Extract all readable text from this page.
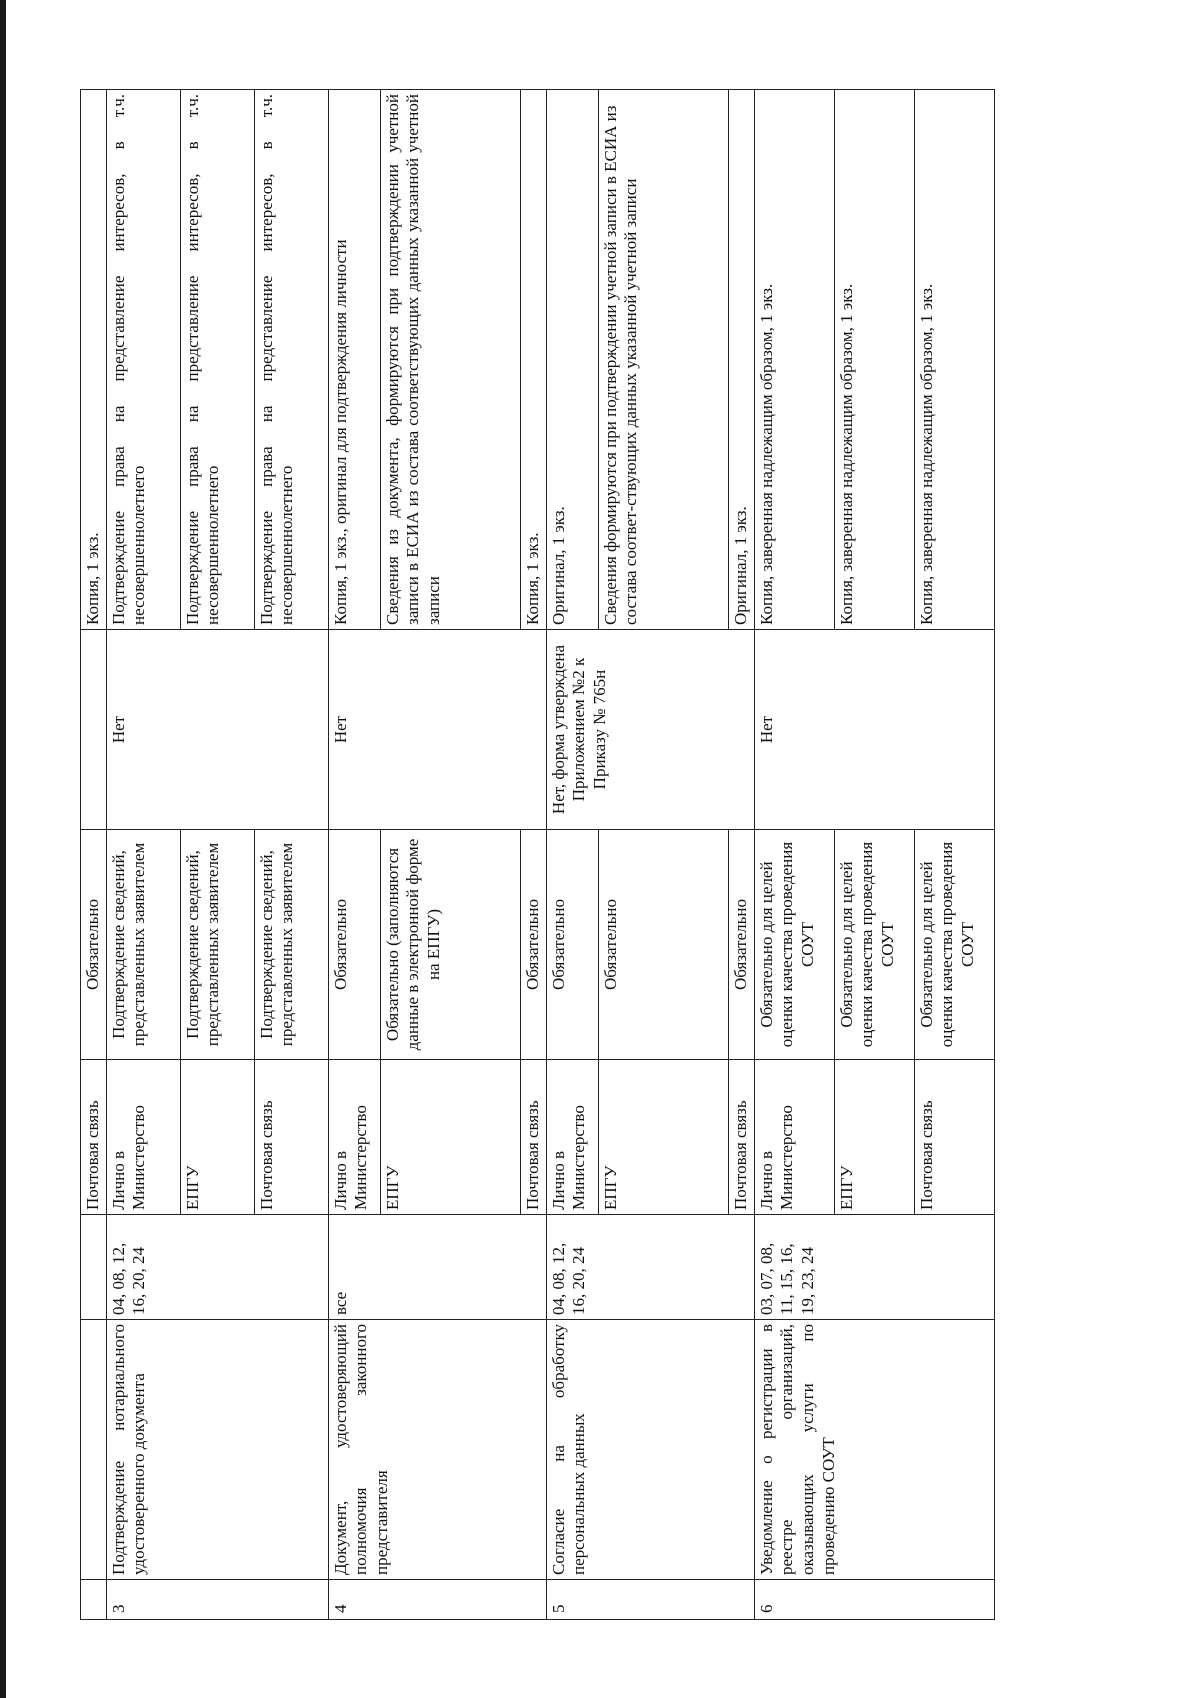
			Почтовая связь	Обязательно		Копия, 1 экз.
3	Подтверждение нотариального удостоверенного документа	04, 08, 12, 16, 20, 24	Лично в Министерство	Подтверждение сведений, представленных заявителем	Нет	Подтверждение права на представление интересов, в т.ч. несовершеннолетнего
			ЕПГУ	Подтверждение сведений, представленных заявителем		Подтверждение права на представление интересов, в т.ч. несовершеннолетнего
			Почтовая связь	Подтверждение сведений, представленных заявителем		Подтверждение права на представление интересов, в т.ч. несовершеннолетнего
4	Документ, удостоверяющий полномочия законного представителя	все	Лично в Министерство	Обязательно	Нет	Копия, 1 экз., оригинал для подтверждения личности
			ЕПГУ	Обязательно (заполняются данные в электронной форме на ЕПГУ)		Сведения из документа, формируются при подтверждении учетной записи в ЕСИА из состава соответствующих данных указанной учетной записи
			Почтовая связь	Обязательно		Копия, 1 экз.
5	Согласие на обработку персональных данных	04, 08, 12, 16, 20, 24	Лично в Министерство	Обязательно	Нет, форма утверждена Приложением №2 к Приказу № 765н	Оригинал, 1 экз.
			ЕПГУ	Обязательно		Сведения формируются при подтверждении учетной записи в ЕСИА из состава соответ-ствующих данных указанной учетной записи
			Почтовая связь	Обязательно		Оригинал, 1 экз.
6	Уведомление о регистрации в реестре организаций, оказывающих услуги по проведению СОУТ	03, 07, 08, 11, 15, 16, 19, 23, 24	Лично в Министерство	Обязательно для целей оценки качества проведения СОУТ	Нет	Копия, заверенная надлежащим образом, 1 экз.
			ЕПГУ	Обязательно для целей оценки качества проведения СОУТ		Копия, заверенная надлежащим образом, 1 экз.
			Почтовая связь	Обязательно для целей оценки качества проведения СОУТ		Копия, заверенная надлежащим образом, 1 экз.
